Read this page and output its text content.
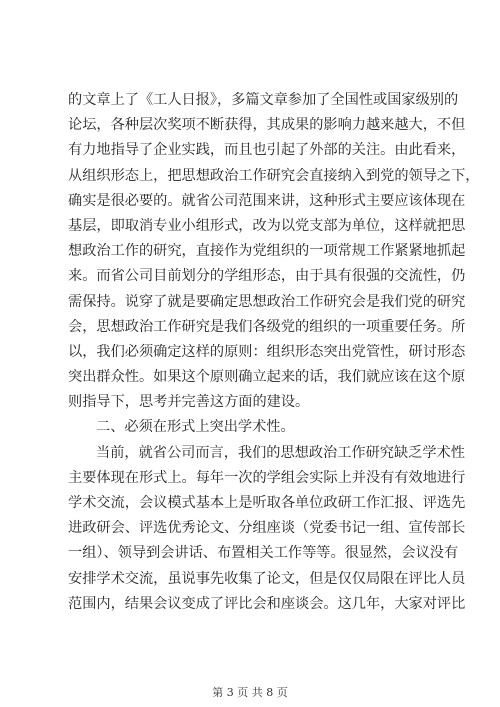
的文章上了《工人日报》，多篇文章参加了全国性或国家级别的
论坛，各种层次奖项不断获得，其成果的影响力越来越大，不但
有力地指导了企业实践，而且也引起了外部的关注。由此看来，
从组织形态上，把思想政治工作研究会直接纳入到党的领导之下，
确实是很必要的。就省公司范围来讲，这种形式主要应该体现在
基层，即取消专业小组形式，改为以党支部为单位，这样就把思
想政治工作的研究，直接作为党组织的一项常规工作紧紧地抓起
来。而省公司目前划分的学组形态，由于具有很强的交流性，仍
需保持。说穿了就是要确定思想政治工作研究会是我们党的研究
会，思想政治工作研究是我们各级党的组织的一项重要任务。所
以，我们必须确定这样的原则：组织形态突出党管性，研讨形态
突出群众性。如果这个原则确立起来的话，我们就应该在这个原
则指导下，思考并完善这方面的建设。
二、必须在形式上突出学术性。
当前，就省公司而言，我们的思想政治工作研究缺乏学术性
主要体现在形式上。每年一次的学组会实际上并没有有效地进行
学术交流，会议模式基本上是听取各单位政研工作汇报、评选先
进政研会、评选优秀论文、分组座谈（党委书记一组、宣传部长
一组）、领导到会讲话、布置相关工作等等。很显然，会议没有
安排学术交流，虽说事先收集了论文，但是仅仅局限在评比人员
范围内，结果会议变成了评比会和座谈会。这几年，大家对评比
第 3 页 共 8 页
